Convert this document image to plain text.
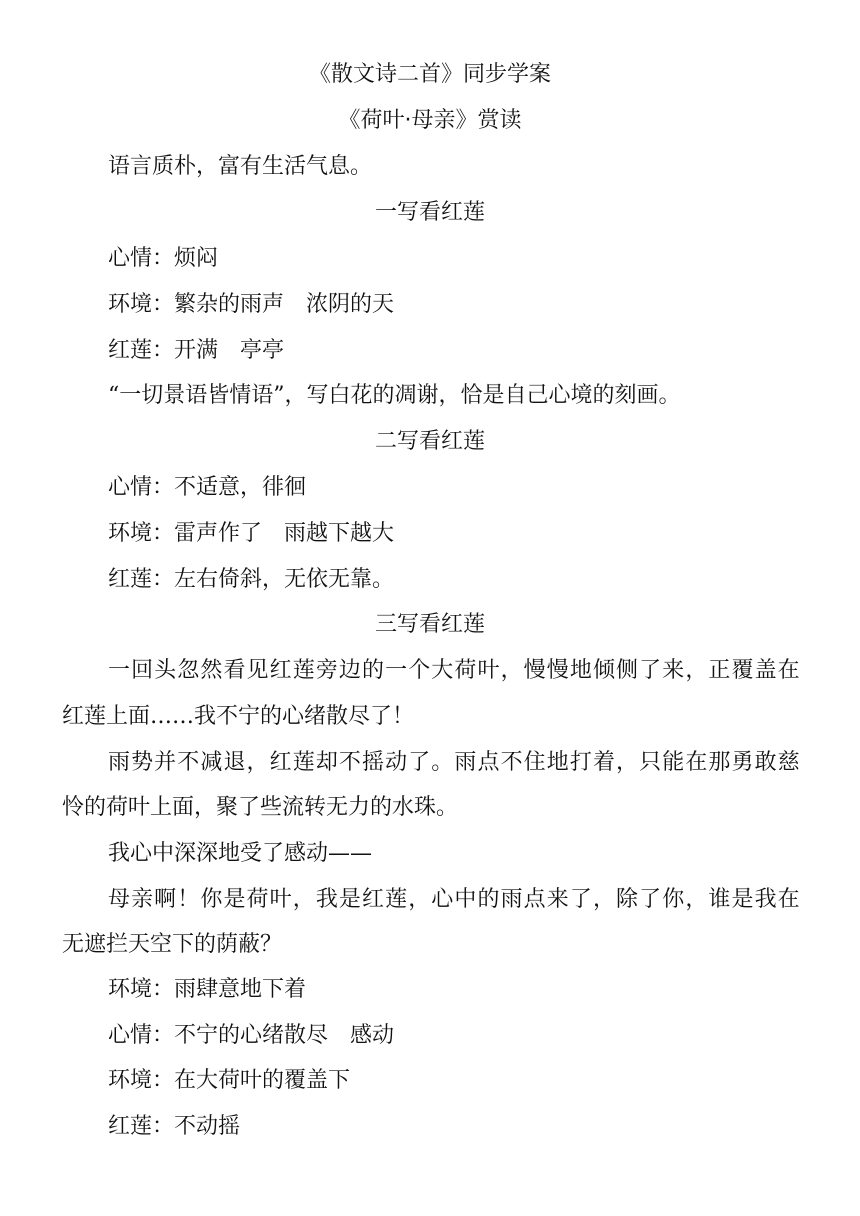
《散文诗二首》同步学案
《荷叶·母亲》赏读
语言质朴，富有生活气息。
一写看红莲
心情：烦闷
环境：繁杂的雨声　浓阴的天
红莲：开满　亭亭
“一切景语皆情语”，写白花的凋谢，恰是自己心境的刻画。
二写看红莲
心情：不适意，徘徊
环境：雷声作了　雨越下越大
红莲：左右倚斜，无依无靠。
三写看红莲
一回头忽然看见红莲旁边的一个大荷叶，慢慢地倾侧了来，正覆盖在
红莲上面……我不宁的心绪散尽了！
雨势并不减退，红莲却不摇动了。雨点不住地打着，只能在那勇敢慈
怜的荷叶上面，聚了些流转无力的水珠。
我心中深深地受了感动——
母亲啊！你是荷叶，我是红莲，心中的雨点来了，除了你，谁是我在
无遮拦天空下的荫蔽？
环境：雨肆意地下着
心情：不宁的心绪散尽　感动
环境：在大荷叶的覆盖下
红莲：不动摇
